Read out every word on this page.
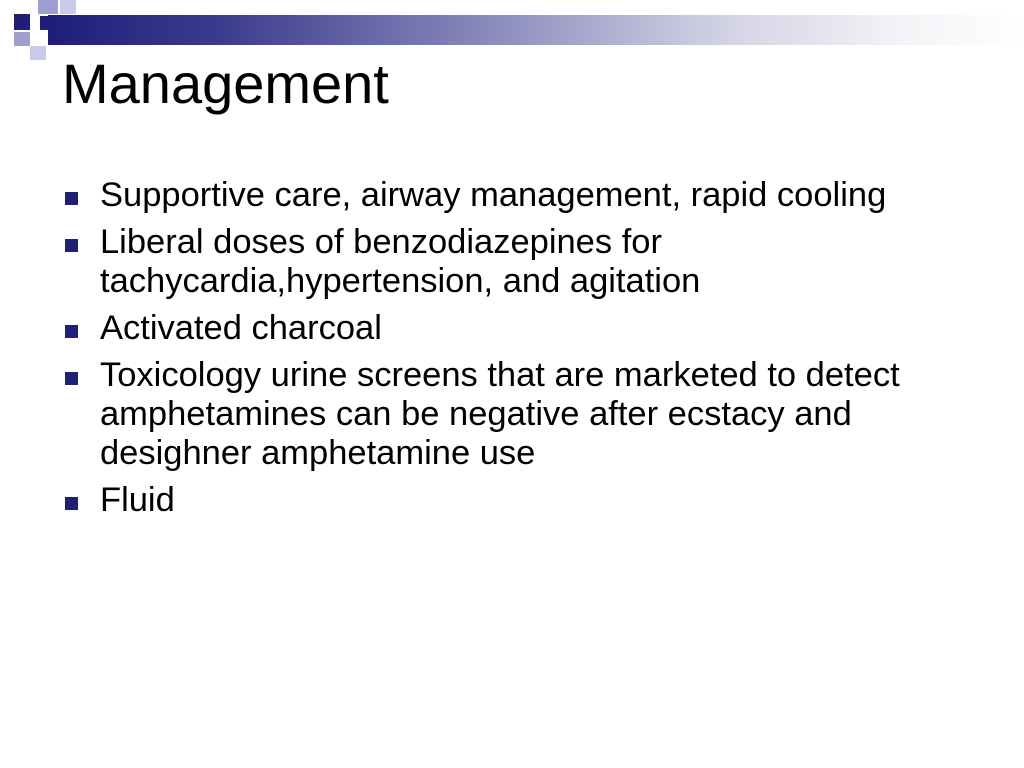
Management
Supportive care, airway management, rapid cooling
Liberal doses of benzodiazepines for tachycardia,hypertension, and agitation
Activated charcoal
Toxicology urine screens that are marketed to detect amphetamines can be negative after ecstacy and desighner amphetamine use
Fluid
